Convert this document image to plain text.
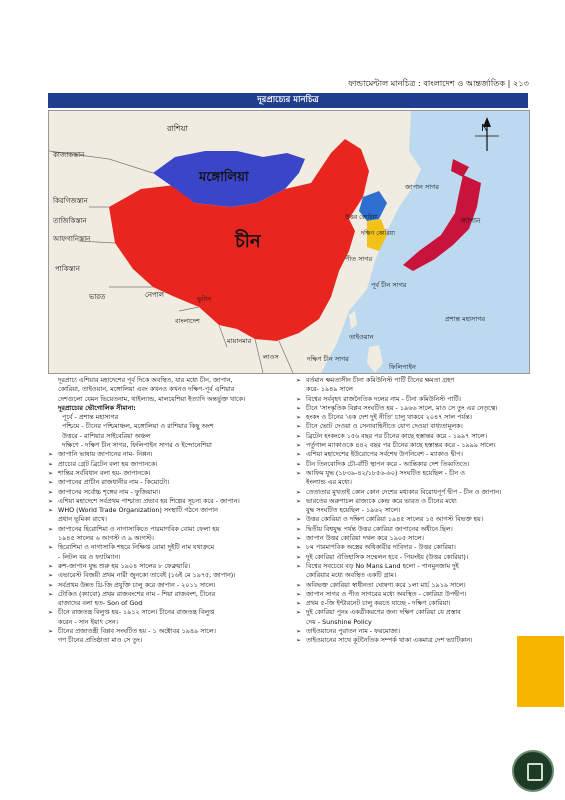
ফান্ডামেন্টাল মানচিত্র : বাংলাদেশ ও আন্তর্জাতিক | ২১৩
দূরপ্রাচ্যের মানচিত্র
N
রাশিয়া
কাজাকস্তান
কিরগিজস্তান
তাজিকিস্তান
আফগানিস্তান
পাকিস্তান
ভারত	নেপাল	ভুটান
বাংলাদেশ
মায়ানমার
লাওস
মঙ্গোলিয়া
চীন
উত্তর কোরিয়া
দক্ষিণ কোরিয়া
জাপান
জাপান সাগর
পীত সাগর
পূর্ব চীন সাগর
তাইওয়ান
প্রশান্ত মহাসাগর
দক্ষিণ চীন সাগর
ফিলিপাইন

দূরপ্রাচ্য এশিয়ার মহাদেশের পূর্ব দিকে অবস্থিত, যার মধ্যে চীন, জাপান,

কোরিয়া, তাইওয়ান, মঙ্গোলিয়া এবং কখনও কখনও দক্ষিণ-পূর্ব এশিয়ার

দেশগুলো যেমন ভিয়েতনাম, থাইল্যান্ড, মালয়েশিয়া ইত্যাদি অন্তর্ভুক্ত থাকে।

দূরপ্রাচ্যের ভৌগোলিক সীমানা:

পূর্বে - প্রশান্ত মহাসাগর

পশ্চিমে - চীনের পশ্চিমাঞ্চল, মঙ্গোলিয়া ও রাশিয়ার কিছু অংশ

উত্তরে - রাশিয়ার সাইবেরিয়া অঞ্চল

দক্ষিণে - দক্ষিণ চীন সাগর, ফিলিপাইন সাগর ও ইন্দোনেশিয়া

➢ জাপানি ভাষায় জাপানের নাম- নিপ্পন।

➢ প্রাচ্যের গ্রেট ব্রিটেন বলা হয় জাপানকে।

➢ শান্তির সর্ববিধান বলা হয়- জাপানকে।

➢ জাপানের প্রাচীন রাজধানীর নাম - কিয়োটো।

➢ জাপানের সর্বোচ্চ শৃঙ্গের নাম - ফুজিয়ামা।

➢ এশিয়া মহাদেশে সর্বপ্রথম পাশ্চাত্য প্রভাব হয় শিল্পের সূচনা করে - জাপান।

➢ WHO (World Trade Organization) সংস্থাটি গঠনে জাপান

প্রধান ভূমিকা রাখে।

➢ জাপানের হিরোশিমা ও নাগাসাকিতে পারমাণবিক বোমা ফেলা হয়

১৯৪৫ সালের ৬ আগস্ট ও ৯ আগস্ট।

➢ হিরোশিমা ও নাগাসাকি শহরে নিক্ষিপ্ত বোমা দুইটি নাম যথাক্রমে

- লিটল বয় ও ফ্যাটম্যান।

➢ রুশ-জাপান যুদ্ধ শুরু হয় ১৯০৪ সালের ৮ ফেব্রুয়ারি।

➢ এভারেস্ট বিজয়ী প্রথম নারী জুনকো তাবেই (১৬ই মে ১৯৭৫, জাপান)।

➢ সর্বপ্রথম উন্নত থ্রি-জি প্রযুক্তি চালু করে জাপান - ২০১১ সালে।

➢ টোকিও (ক্যাবো) প্রথম রাজবংশের নাম - শিয়া রাজবংশ, চীনের

রাজাদের বলা হত- Son of God

➢ চীনে রাজতন্ত্র বিলুপ্ত হয়- ১৯১২ সালে। চীনের রাজতন্ত্র বিলুপ্ত

করেন - সান ইয়াৎ সেন।

➢ চীনের প্রজাতন্ত্রী বিপ্লব সংঘটিত হয় - ১ অক্টোবর ১৯৪৯ সালে।

গণ চীনের প্রতিষ্ঠাতা মাও সে তুং।

➢ বর্তমান ক্ষমতাসীন চীনা কমিউনিস্ট পার্টি চীনের ক্ষমতা গ্রহণ

করে- ১৯৪৯ সালে

➢ বিশ্বের সর্ববৃহৎ রাজনৈতিক দলের নাম - চীনা কমিউনিস্ট পার্টি।

➢ চীনে 'সাংস্কৃতিক বিপ্লব সংঘটিত হয় - ১৯৬৬ সালে, মাও সে তুং এর নেতৃত্বে।

➢ হংকং ও চীনের 'এক দেশ দুই নীতি' চালু থাকবে ২০৪৭ সাল পর্যন্ত।

➢ চীনে ভোট দেওয়া ও সেনাবাহিনীতে যোগ দেওয়া বাধ্যতামূলক।

➢ ব্রিটেন হংকংকে ১৫৬ বছর পর চীনের কাছে হস্তান্তর করে - ১৯৯৭ সালে।

➢ পর্তুগাল ম্যাকাওকে ৪৪২ বছর পর চীনের কাছে হস্তান্তর করে - ১৯৯৯ সালে।

➢ এশিয়া মহাদেশের ইউরোপের সর্বশেষ উপনিবেশ - ম্যাকাও দ্বীপ।

➢ চীন তিনবোদিক চৌ-বাঁটি স্থাপন করে - আন্তিকার দেশ তিব্বতিতে।

➢ আফিম যুদ্ধ (১৮৩৯-৪২/১৮৫৬-৬০) সংঘটিত হয়েছিল - চীন ও

ইংল্যান্ড এর মধ্যে।

➢ তেতাতার মুখতাই কোন কোন দেশের মধ্যকার বিরোধপূর্ণ দ্বীপ - চীন ও জাপান।

➢ ভারতের অরুণাচল রাজ্যকে কেন্দ্র করে ভারত ও চীনের মধ্যে

যুদ্ধ সংঘটিত হয়েছিল - ১৯৬২ সালে।

➢ উত্তর কোরিয়া ও দক্ষিণ কোরিয়া ১৯৪৫ সালের ১৫ আগস্ট বিভক্ত হয়।

➢ দ্বিতীয় বিশ্বযুদ্ধ পর্যন্ত উত্তর কোরিয়া জাপানের অধীনে ছিল।

➢ জাপান উত্তর কোরিয়া দখল করে ১৯০৫ সালে।

➢ ৮ম পারমাণবিক অস্ত্রের অধিকারীর দাবিদার - উত্তর কোরিয়া।

➢ দুই কোরিয়া ঐতিহাসিক সম্মেলন হবে - পিয়ংইয় (উত্তর কোরিয়া)।

➢ বিশ্বের সবচেয়ে বড় No Mans Land হলো - পানমুনজাম দুই

কোরিয়ার মধ্যে অবস্থিত একটি গ্রাম।

➢ অবিভক্ত কোরিয়া স্বাধীনতা ঘোষণা করে ১লা মার্চ ১৯১৯ সালে।

➢ জাপান সাগর ও পীত সাগরের মধ্যে অবস্থিত - কোরিয়া উপদ্বীপ।

➢ প্রথম ৫-জি ইন্টারনেট চালু করতে যাচ্ছে - দক্ষিণ কোরিয়া।

➢ দুই কোরিয়া পুনঃ একত্রীকরণের জন্য দক্ষিণ কোরিয়া যে প্রস্তাব

দেয় - Sunshine Policy

➢ তাইওয়ানের পুরাতন নাম - ফরমোজা।

➢ তাইওয়ানের সাথে কূটনৈতিক সম্পর্ক থাকা একমাত্র দেশ ভ্যাটিকান।
